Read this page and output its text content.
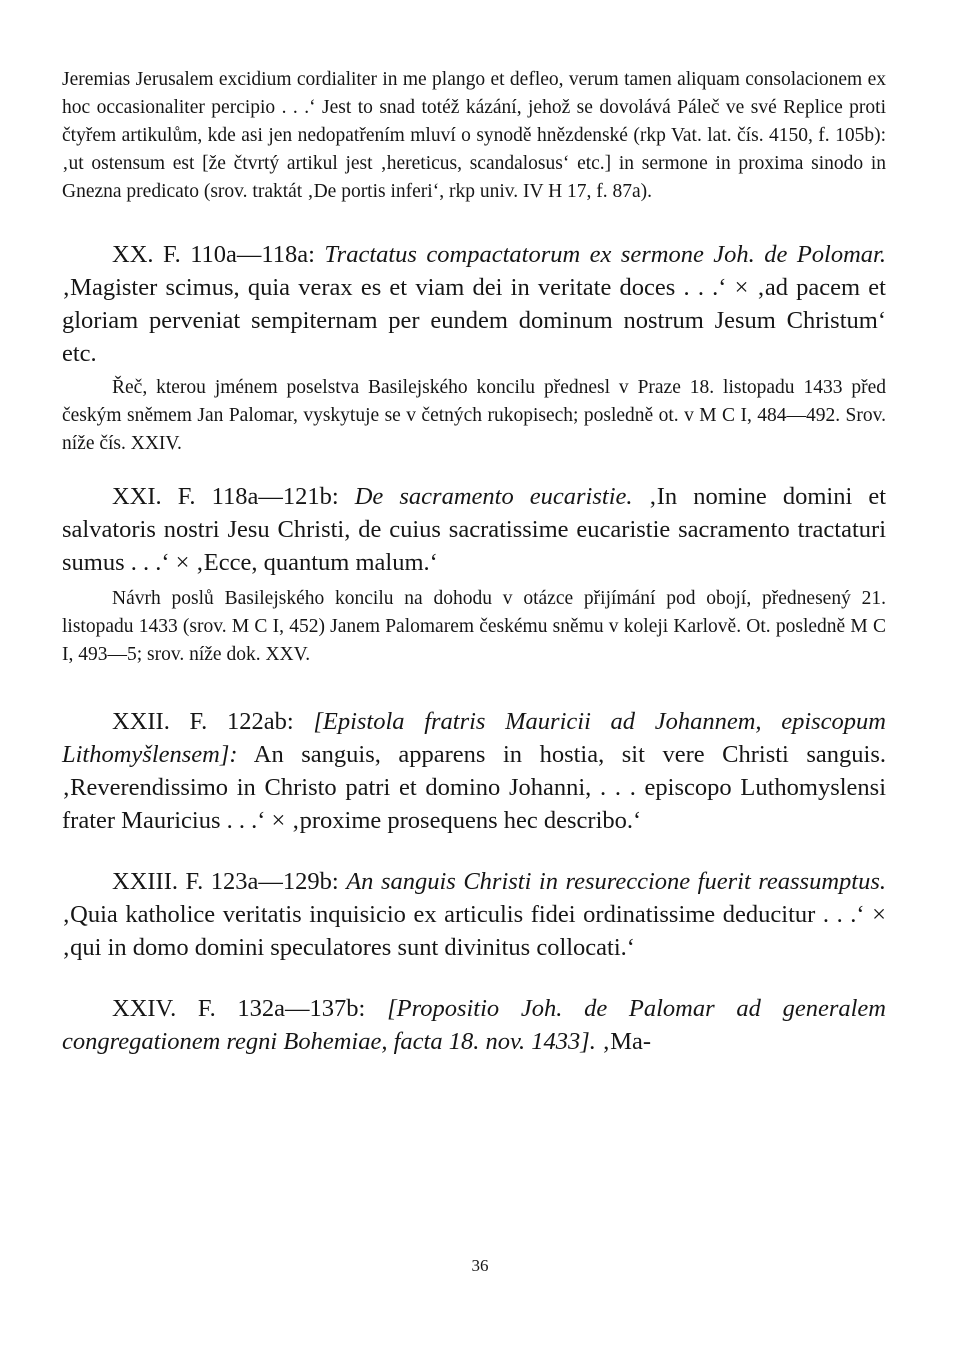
Jeremias Jerusalem excidium cordialiter in me plango et defleo, verum tamen aliquam consolacionem ex hoc occasionaliter percipio . . .‘ Jest to snad totéž kázání, jehož se dovolává Páleč ve své Replice proti čtyřem artikulům, kde asi jen nedopatřením mluví o synodě hnězdenské (rkp Vat. lat. čís. 4150, f. 105b): ‚ut ostensum est [že čtvrtý artikul jest ‚hereticus, scandalosus‘ etc.] in sermone in proxima sinodo in Gnezna predicato (srov. traktát ‚De portis inferi‘, rkp univ. IV H 17, f. 87a).

XX. F. 110a—118a: Tractatus compactatorum ex sermone Joh. de Polomar. ‚Magister scimus, quia verax es et viam dei in veritate doces . . .‘ × ‚ad pacem et gloriam perveniat sempiternam per eundem dominum nostrum Jesum Christum‘ etc.

Řeč, kterou jménem poselstva Basilejského koncilu přednesl v Praze 18. listopadu 1433 před českým sněmem Jan Palomar, vyskytuje se v četných rukopisech; posledně ot. v M C I, 484—492. Srov. níže čís. XXIV.

XXI. F. 118a—121b: De sacramento eucaristie. ‚In nomine domini et salvatoris nostri Jesu Christi, de cuius sacratissime eucaristie sacramento tractaturi sumus . . .‘ × ‚Ecce, quantum malum.‘

Návrh poslů Basilejského koncilu na dohodu v otázce přijímání pod obojí, přednesený 21. listopadu 1433 (srov. M C I, 452) Janem Palomarem českému sněmu v koleji Karlově. Ot. posledně M C I, 493—5; srov. níže dok. XXV.

XXII. F. 122ab: [Epistola fratris Mauricii ad Johannem, episcopum Lithomyšlensem]: An sanguis, apparens in hostia, sit vere Christi sanguis. ‚Reverendissimo in Christo patri et domino Johanni, . . . episcopo Luthomyslensi frater Mauricius . . .‘ × ‚proxime prosequens hec describo.‘
XXIII. F. 123a—129b: An sanguis Christi in resureccione fuerit reassumptus. ‚Quia katholice veritatis inquisicio ex articulis fidei ordinatissime deducitur . . .‘ × ‚qui in domo domini speculatores sunt divinitus collocati.‘
XXIV. F. 132a—137b: [Propositio Joh. de Palomar ad generalem congregationem regni Bohemiae, facta 18. nov. 1433]. ‚Ma-
36
